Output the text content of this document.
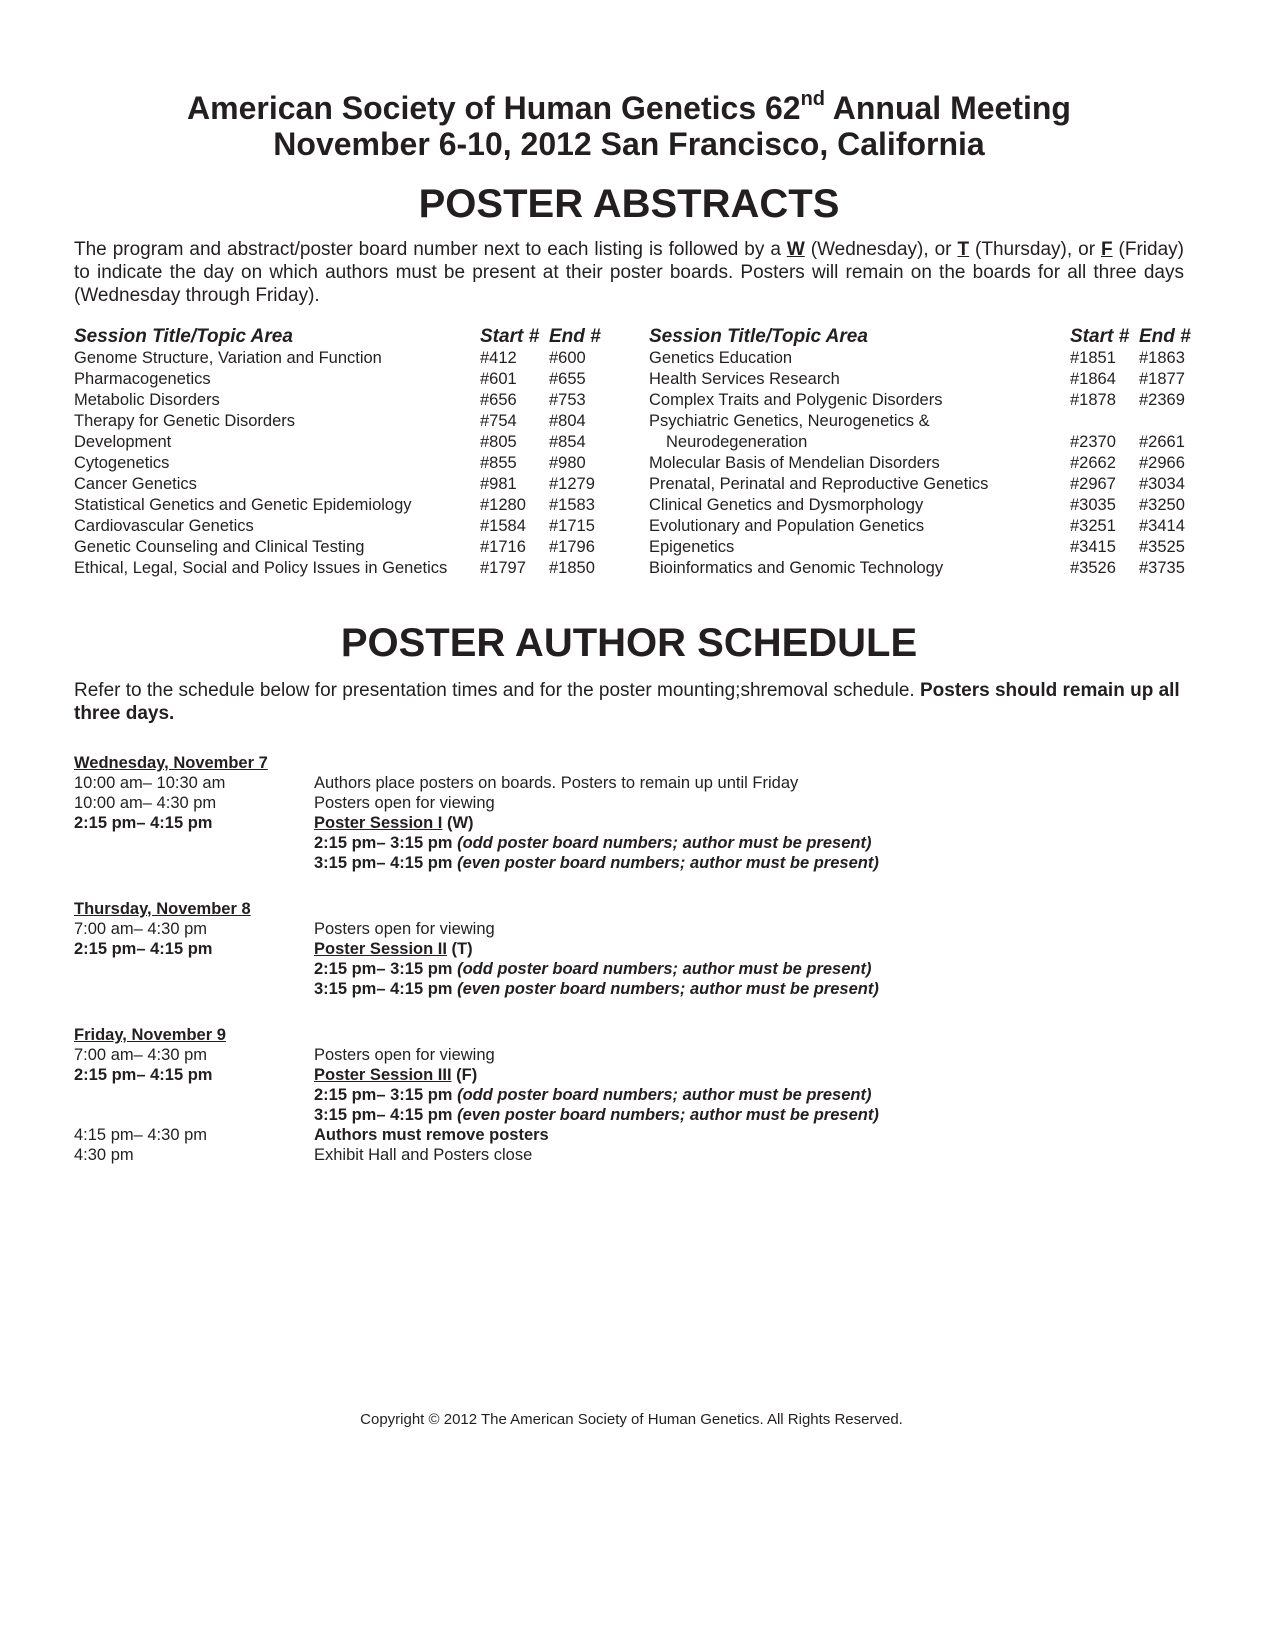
American Society of Human Genetics 62nd Annual Meeting
November 6-10, 2012 San Francisco, California
POSTER ABSTRACTS

The program and abstract/poster board number next to each listing is followed by a W (Wednesday), or T (Thursday), or F (Friday) to indicate the day on which authors must be present at their poster boards. Posters will remain on the boards for all three days (Wednesday through Friday).

Session Title/Topic Area	Start # End #
Genome Structure, Variation and Function	#412 #600
Pharmacogenetics	#601 #655
Metabolic Disorders	#656 #753
Therapy for Genetic Disorders	#754 #804
Development	#805 #854
Cytogenetics	#855 #980
Cancer Genetics	#981 #1279
Statistical Genetics and Genetic Epidemiology	#1280 #1583
Cardiovascular Genetics	#1584 #1715
Genetic Counseling and Clinical Testing	#1716 #1796
Ethical, Legal, Social and Policy Issues in Genetics #1797 #1850
Session Title/Topic Area	Start # End #
Genetics Education	#1851 #1863
Health Services Research	#1864 #1877
Complex Traits and Polygenic Disorders	#1878 #2369
Psychiatric Genetics, Neurogenetics &
Neurodegeneration	#2370 #2661
Molecular Basis of Mendelian Disorders	#2662 #2966
Prenatal, Perinatal and Reproductive Genetics	#2967 #3034
Clinical Genetics and Dysmorphology	#3035 #3250
Evolutionary and Population Genetics	#3251 #3414
Epigenetics	#3415 #3525
Bioinformatics and Genomic Technology	#3526 #3735
POSTER AUTHOR SCHEDULE

Refer to the schedule below for presentation times and for the poster mounting;shremoval schedule. Posters should remain up all three days.

Wednesday, November 7
10:00 am– 10:30 am	Authors place posters on boards. Posters to remain up until Friday
10:00 am– 4:30 pm	Posters open for viewing
2:15 pm– 4:15 pm	Poster Session I (W)
2:15 pm– 3:15 pm (odd poster board numbers; author must be present)
3:15 pm– 4:15 pm (even poster board numbers; author must be present)
Thursday, November 8
7:00 am– 4:30 pm	Posters open for viewing
2:15 pm– 4:15 pm	Poster Session II (T)
2:15 pm– 3:15 pm (odd poster board numbers; author must be present)
3:15 pm– 4:15 pm (even poster board numbers; author must be present)
Friday, November 9
7:00 am– 4:30 pm	Posters open for viewing
2:15 pm– 4:15 pm	Poster Session III (F)
2:15 pm– 3:15 pm (odd poster board numbers; author must be present)
3:15 pm– 4:15 pm (even poster board numbers; author must be present)
4:15 pm– 4:30 pm	Authors must remove posters
4:30 pm	Exhibit Hall and Posters close
Copyright © 2012 The American Society of Human Genetics. All Rights Reserved.
